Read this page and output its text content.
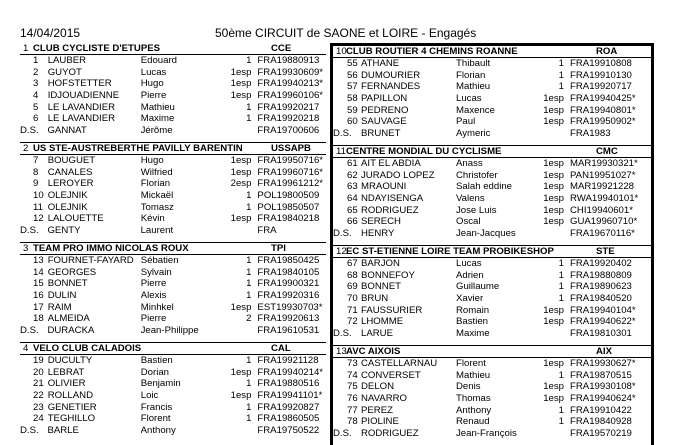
14/04/2015	50ème CIRCUIT de SAONE et LOIRE - Engagés
1 CLUB CYCLISTE D'ETUPES	CCE
1 LAUBER	Edouard	1 FRA19880913
2 GUYOT	Lucas	1esp FRA19930609*
3 HOFSTETTER	Hugo	1esp FRA19940213*
4 IDJOUADIENNE	Pierre	1esp FRA19960106*
5 LE LAVANDIER	Mathieu	1 FRA19920217
6 LE LAVANDIER	Maxime	1 FRA19920218
D.S. GANNAT	Jérôme	FRA19700606
2 US STE-AUSTREBERTHE PAVILLY BARENTIN	USSAPB
7 BOUGUET	Hugo	1esp FRA19950716*
8 CANALES	Wilfried	1esp FRA19960716*
9 LEROYER	Florian	2esp FRA19961212*
10 OLEJNIK	Mickaël	1 POL19800509
11 OLEJNIK	Tomasz	1 POL19850507
12 LALOUETTE	Kévin	1esp FRA19840218
D.S. GENTY	Laurent	FRA
3 TEAM PRO IMMO NICOLAS ROUX	TPI
13 FOURNET-FAYARD Sébatien	1 FRA19850425
14 GEORGES	Sylvain	1 FRA19840105
15 BONNET	Pierre	1 FRA19900321
16 DULIN	Alexis	1 FRA19920316
17 RAIM	Minhkel	1esp EST19930703*
18 ALMEIDA	Pierre	2 FRA19920613
D.S. DURACKA	Jean-Philippe	FRA19610531
4 VELO CLUB CALADOIS	CAL
19 DUCULTY	Bastien	1 FRA19921128
20 LEBRAT	Dorian	1esp FRA19940214*
21 OLIVIER	Benjamin	1 FRA19880516
22 ROLLAND	Loic	1esp FRA19941101*
23 GENETIER	Francis	1 FRA19920827
24 TEGHILLO	Florent	1 FRA19860505
D.S. BARLE	Anthony	FRA19750522
10 CLUB ROUTIER 4 CHEMINS ROANNE	ROA
55 ATHANE	Thibault	1 FRA19910808
56 DUMOURIER	Florian	1 FRA19910130
57 FERNANDES	Mathieu	1 FRA19920717
58 PAPILLON	Lucas	1esp FRA19940425*
59 PEDRENO	Maxence	1esp FRA19940801*
60 SAUVAGE	Paul	1esp FRA19950902*
D.S. BRUNET	Aymeric	FRA1983
11 CENTRE MONDIAL DU CYCLISME	CMC
61 AIT EL ABDIA	Anass	1esp MAR19930321*
62 JURADO LOPEZ	Christofer	1esp PAN19951027*
63 MRAOUNI	Salah eddine	1esp MAR19921228
64 NDAYISENGA	Valens	1esp RWA19940101*
65 RODRIGUEZ	Jose Luis	1esp CHI19940601*
66 SERECH	Oscal	1esp GUA19960710*
D.S. HENRY	Jean-Jacques	FRA19670116*
12 EC ST-ETIENNE LOIRE TEAM PROBIKESHOP	STE
67 BARJON	Lucas	1 FRA19920402
68 BONNEFOY	Adrien	1 FRA19880809
69 BONNET	Guillaume	1 FRA19890623
70 BRUN	Xavier	1 FRA19840520
71 FAUSSURIER	Romain	1esp FRA19940104*
72 LHOMME	Bastien	1esp FRA19940622*
D.S. LARUE	Maxime	FRA19810301
13 AVC AIXOIS	AIX
73 CASTELLARNAU	Florent	1esp FRA19930627*
74 CONVERSET	Mathieu	1 FRA19870515
75 DELON	Denis	1esp FRA19930108*
76 NAVARRO	Thomas	1esp FRA19940624*
77 PEREZ	Anthony	1 FRA19910422
78 PIOLINE	Renaud	1 FRA19840928
D.S. RODRIGUEZ	Jean-François	FRA19570219
